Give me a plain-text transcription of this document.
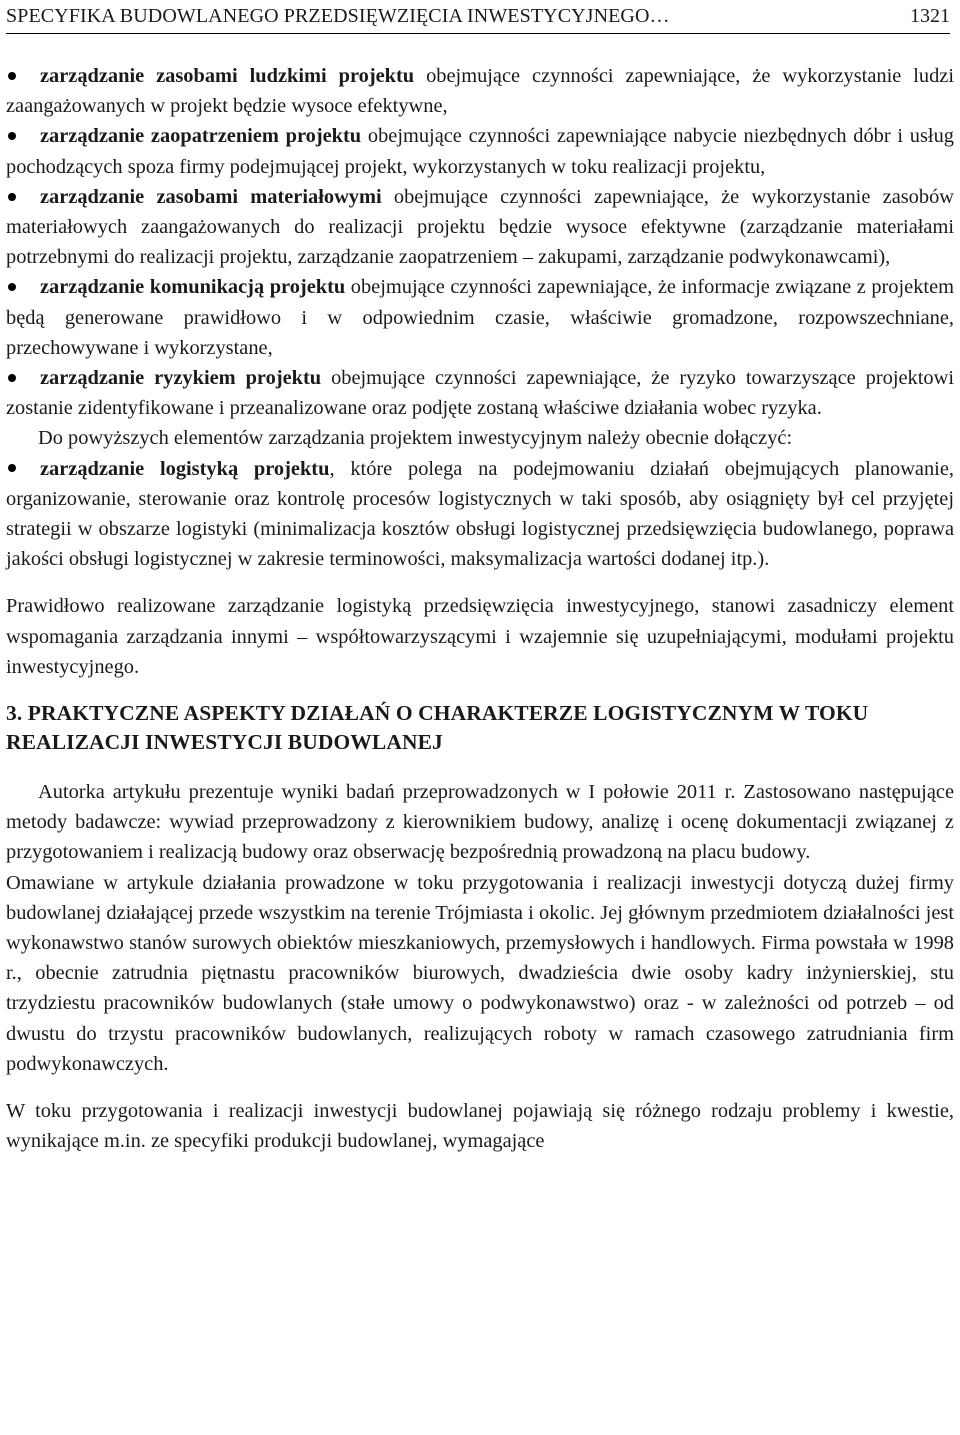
SPECYFIKA BUDOWLANEGO PRZEDSIĘWZIĘCIA INWESTYCYJNEGO…	1321

zarządzanie zasobami ludzkimi projektu obejmujące czynności zapewniające, że wykorzystanie ludzi zaangażowanych w projekt będzie wysoce efektywne,

zarządzanie zaopatrzeniem projektu obejmujące czynności zapewniające nabycie niezbędnych dóbr i usług pochodzących spoza firmy podejmującej projekt, wykorzystanych w toku realizacji projektu,

zarządzanie zasobami materiałowymi obejmujące czynności zapewniające, że wykorzystanie zasobów materiałowych zaangażowanych do realizacji projektu będzie wysoce efektywne (zarządzanie materiałami potrzebnymi do realizacji projektu, zarządzanie zaopatrzeniem – zakupami, zarządzanie podwykonawcami),

zarządzanie komunikacją projektu obejmujące czynności zapewniające, że informacje związane z projektem będą generowane prawidłowo i w odpowiednim czasie, właściwie gromadzone, rozpowszechniane, przechowywane i wykorzystane,

zarządzanie ryzykiem projektu obejmujące czynności zapewniające, że ryzyko towarzyszące projektowi zostanie zidentyfikowane i przeanalizowane oraz podjęte zostaną właściwe działania wobec ryzyka.

Do powyższych elementów zarządzania projektem inwestycyjnym należy obecnie dołączyć:

zarządzanie logistyką projektu, które polega na podejmowaniu działań obejmujących planowanie, organizowanie, sterowanie oraz kontrolę procesów logistycznych w taki sposób, aby osiągnięty był cel przyjętej strategii w obszarze logistyki (minimalizacja kosztów obsługi logistycznej przedsięwzięcia budowlanego, poprawa jakości obsługi logistycznej w zakresie terminowości, maksymalizacja wartości dodanej itp.).

Prawidłowo realizowane zarządzanie logistyką przedsięwzięcia inwestycyjnego, stanowi zasadniczy element wspomagania zarządzania innymi – współtowarzyszącymi i wzajemnie się uzupełniającymi, modułami projektu inwestycyjnego.

3. PRAKTYCZNE ASPEKTY DZIAŁAŃ O CHARAKTERZE LOGISTYCZNYM W TOKU REALIZACJI INWESTYCJI BUDOWLANEJ

Autorka artykułu prezentuje wyniki badań przeprowadzonych w I połowie 2011 r. Zastosowano następujące metody badawcze: wywiad przeprowadzony z kierownikiem budowy, analizę i ocenę dokumentacji związanej z przygotowaniem i realizacją budowy oraz obserwację bezpośrednią prowadzoną na placu budowy.

Omawiane w artykule działania prowadzone w toku przygotowania i realizacji inwestycji dotyczą dużej firmy budowlanej działającej przede wszystkim na terenie Trójmiasta i okolic. Jej głównym przedmiotem działalności jest wykonawstwo stanów surowych obiektów mieszkaniowych, przemysłowych i handlowych. Firma powstała w 1998 r., obecnie zatrudnia piętnastu pracowników biurowych, dwadzieścia dwie osoby kadry inżynierskiej, stu trzydziestu pracowników budowlanych (stałe umowy o podwykonawstwo) oraz - w zależności od potrzeb – od dwustu do trzystu pracowników budowlanych, realizujących roboty w ramach czasowego zatrudniania firm podwykonawczych.

W toku przygotowania i realizacji inwestycji budowlanej pojawiają się różnego rodzaju problemy i kwestie, wynikające m.in. ze specyfiki produkcji budowlanej, wymagające
